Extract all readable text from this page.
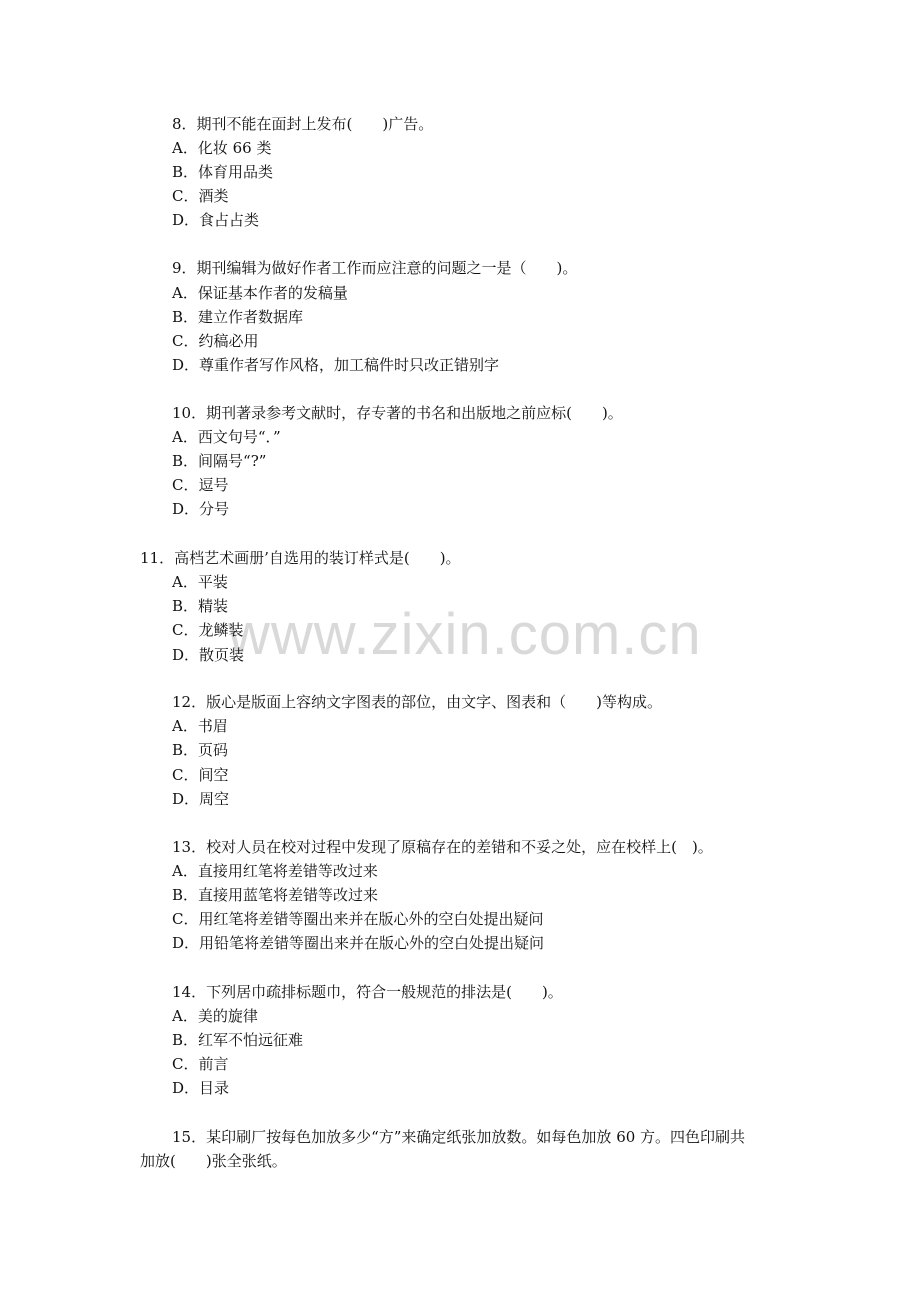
www.zixin.com.cn
8．期刊不能在面封上发布(　　)广告。
A．化妆 66 类
B．体育用品类
C．酒类
D．食占占类
9．期刊编辑为做好作者工作而应注意的问题之一是（　　)。
A．保证基本作者的发稿量
B．建立作者数据库
C．约稿必用
D．尊重作者写作风格，加工稿件时只改正错别字
10．期刊著录参考文献时，存专著的书名和出版地之前应标(　　)。
A．西文句号“．”
B．间隔号“?”
C．逗号
D．分号
11．高档艺术画册’自选用的装订样式是(　　)。
A．平装
B．精装
C．龙鳞装
D．散页装
12．版心是版面上容纳文字图表的部位，由文字、图表和（　　)等构成。
A．书眉
B．页码
C．间空
D．周空
13．校对人员在校对过程中发现了原稿存在的差错和不妥之处，应在校样上(　)。
A．直接用红笔将差错等改过来
B．直接用蓝笔将差错等改过来
C．用红笔将差错等圈出来并在版心外的空白处提出疑问
D．用铅笔将差错等圈出来并在版心外的空白处提出疑问
14．下列居巾疏排标题巾，符合一般规范的排法是(　　)。
A．美的旋律
B．红军不怕远征难
C．前言
D．目录
15．某印刷厂按每色加放多少“方”来确定纸张加放数。如每色加放 60 方。四色印刷共
加放(　　)张全张纸。
